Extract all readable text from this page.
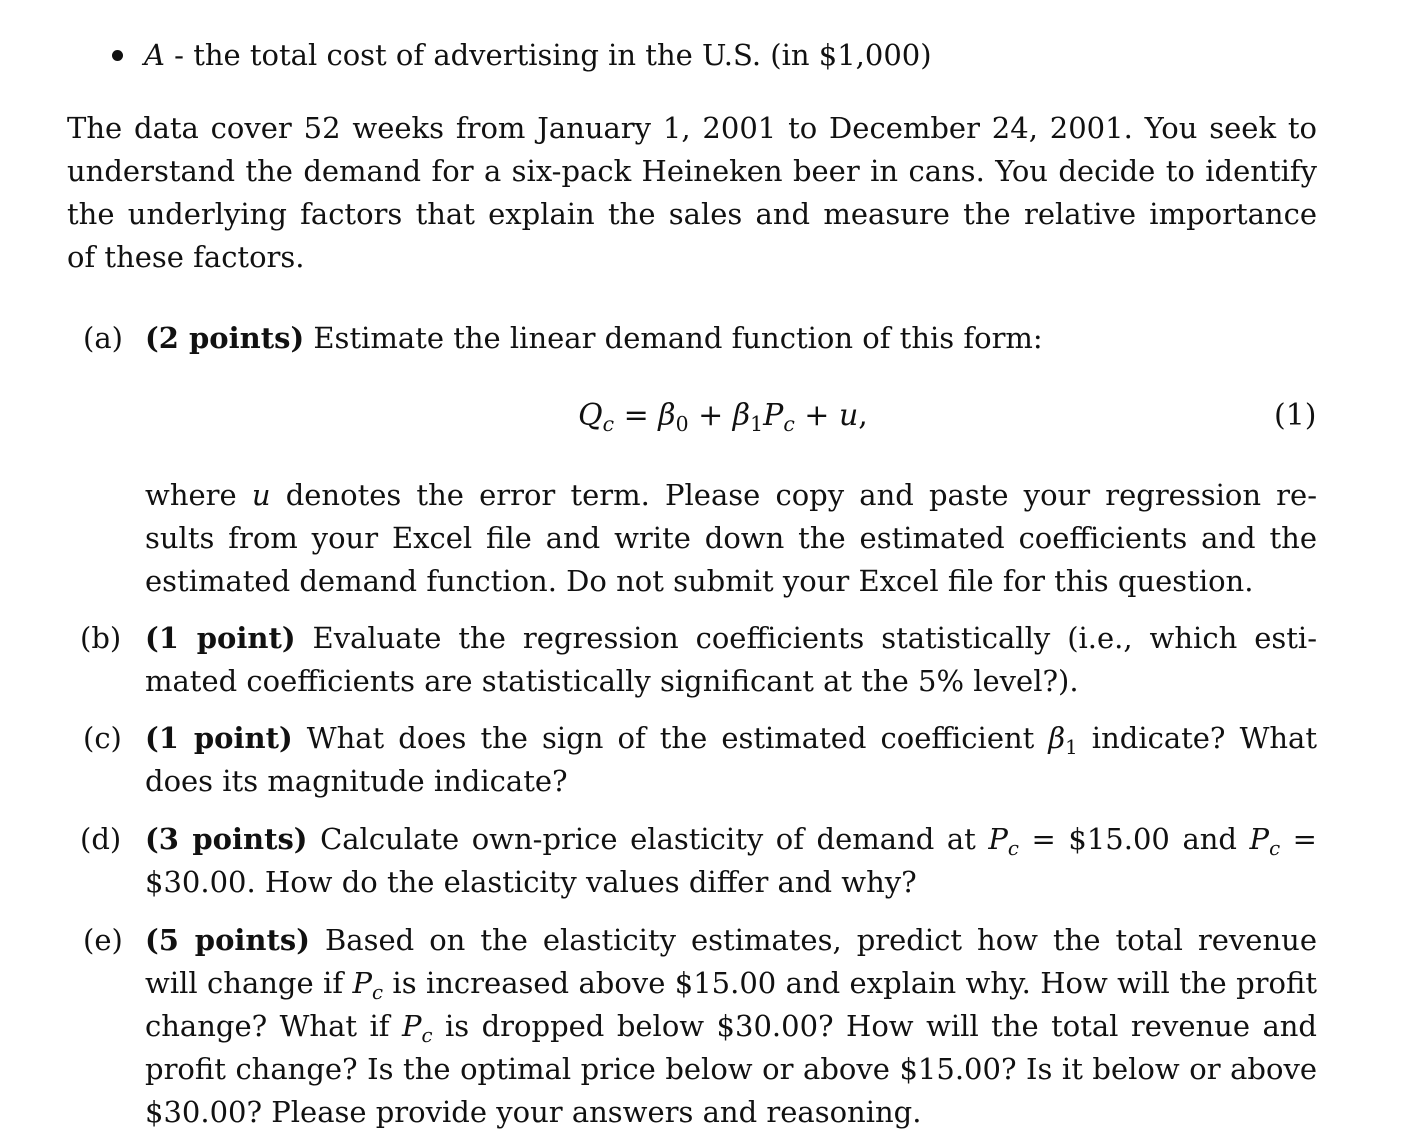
A - the total cost of advertising in the U.S. (in $1,000)
The data cover 52 weeks from January 1, 2001 to December 24, 2001. You seek to
understand the demand for a six-pack Heineken beer in cans. You decide to identify
the underlying factors that explain the sales and measure the relative importance
of these factors.
(a) (2 points) Estimate the linear demand function of this form:
$Q_c = \beta_0 + \beta_1P_c + u$,	(1)
where u denotes the error term. Please copy and paste your regression re-
sults from your Excel file and write down the estimated coefficients and the
estimated demand function. Do not submit your Excel file for this question.
(b) (1 point) Evaluate the regression coefficients statistically (i.e., which esti-
mated coefficients are statistically significant at the 5% level?).
(c) (1 point) What does the sign of the estimated coefficient $\beta_1$ indicate? What
does its magnitude indicate?
(d) (3 points) Calculate own-price elasticity of demand at $P_c$ = $15.00 and $P_c$ =
$30.00. How do the elasticity values differ and why?
(e) (5 points) Based on the elasticity estimates, predict how the total revenue
will change if $P_c$ is increased above $15.00 and explain why. How will the profit
change? What if $P_c$ is dropped below $30.00? How will the total revenue and
profit change? Is the optimal price below or above $15.00? Is it below or above
$30.00? Please provide your answers and reasoning.
